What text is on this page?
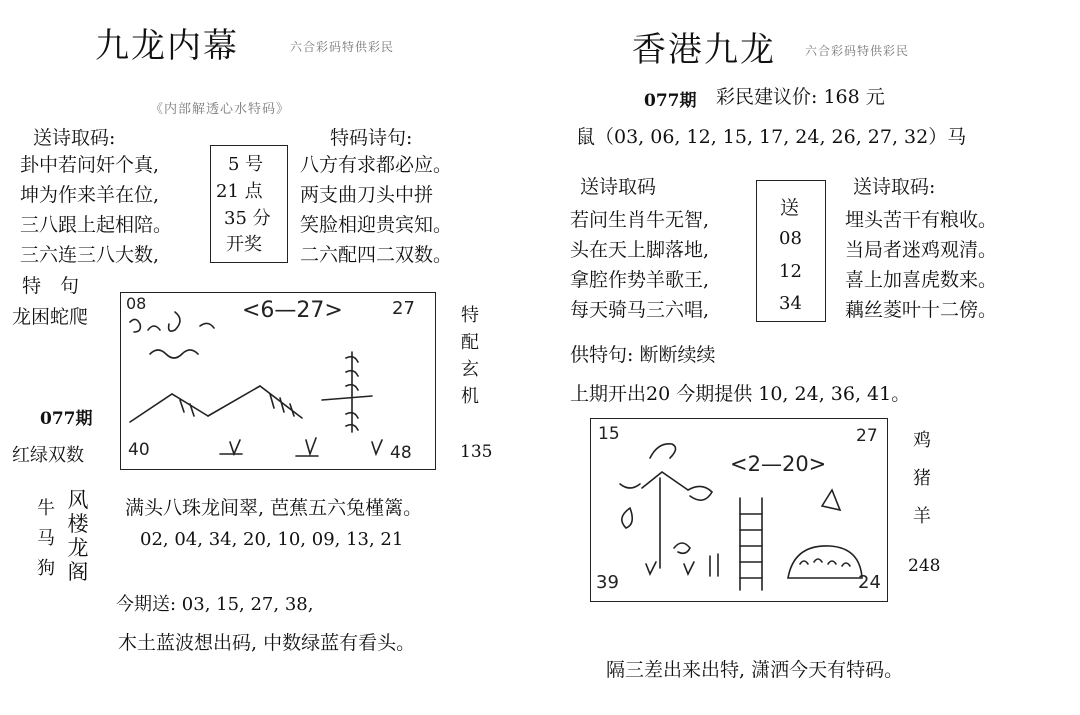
九龙内幕	六合彩码特供彩民
《内部解透心水特码》
送诗取码:	特码诗句:
卦中若问奸个真,
坤为作来羊在位,
三八跟上起相陪。
三六连三八大数,
5 号
21 点
35 分
开奖
八方有求都必应。
两支曲刀头中拼
笑脸相迎贵宾知。
二六配四二双数。
特　句
龙困蛇爬
077期
红绿双数
08	<6—27>	27
40	48
特
配
玄
机
135
牛
马
狗
风
楼
龙
阁
满头八珠龙间翠, 芭蕉五六兔槿篱。
02, 04, 34, 20, 10, 09, 13, 21
今期送: 03, 15, 27, 38,
木土蓝波想出码, 中数绿蓝有看头。
香港九龙 六合彩码特供彩民
077期 彩民建议价: 168 元
鼠（03, 06, 12, 15, 17, 24, 26, 27, 32）马
送诗取码	送诗取码:
若问生肖牛无智,
头在天上脚落地,
拿腔作势羊歌王,
每天骑马三六唱,
送
08
12
34
埋头苦干有粮收。
当局者迷鸡观清。
喜上加喜虎数来。
藕丝菱叶十二傍。
供特句: 断断续续
上期开出20 今期提供 10, 24, 36, 41。
15
<2—20>
27
39	24
鸡
猪
羊
248
隔三差出来出特, 潇洒今天有特码。
